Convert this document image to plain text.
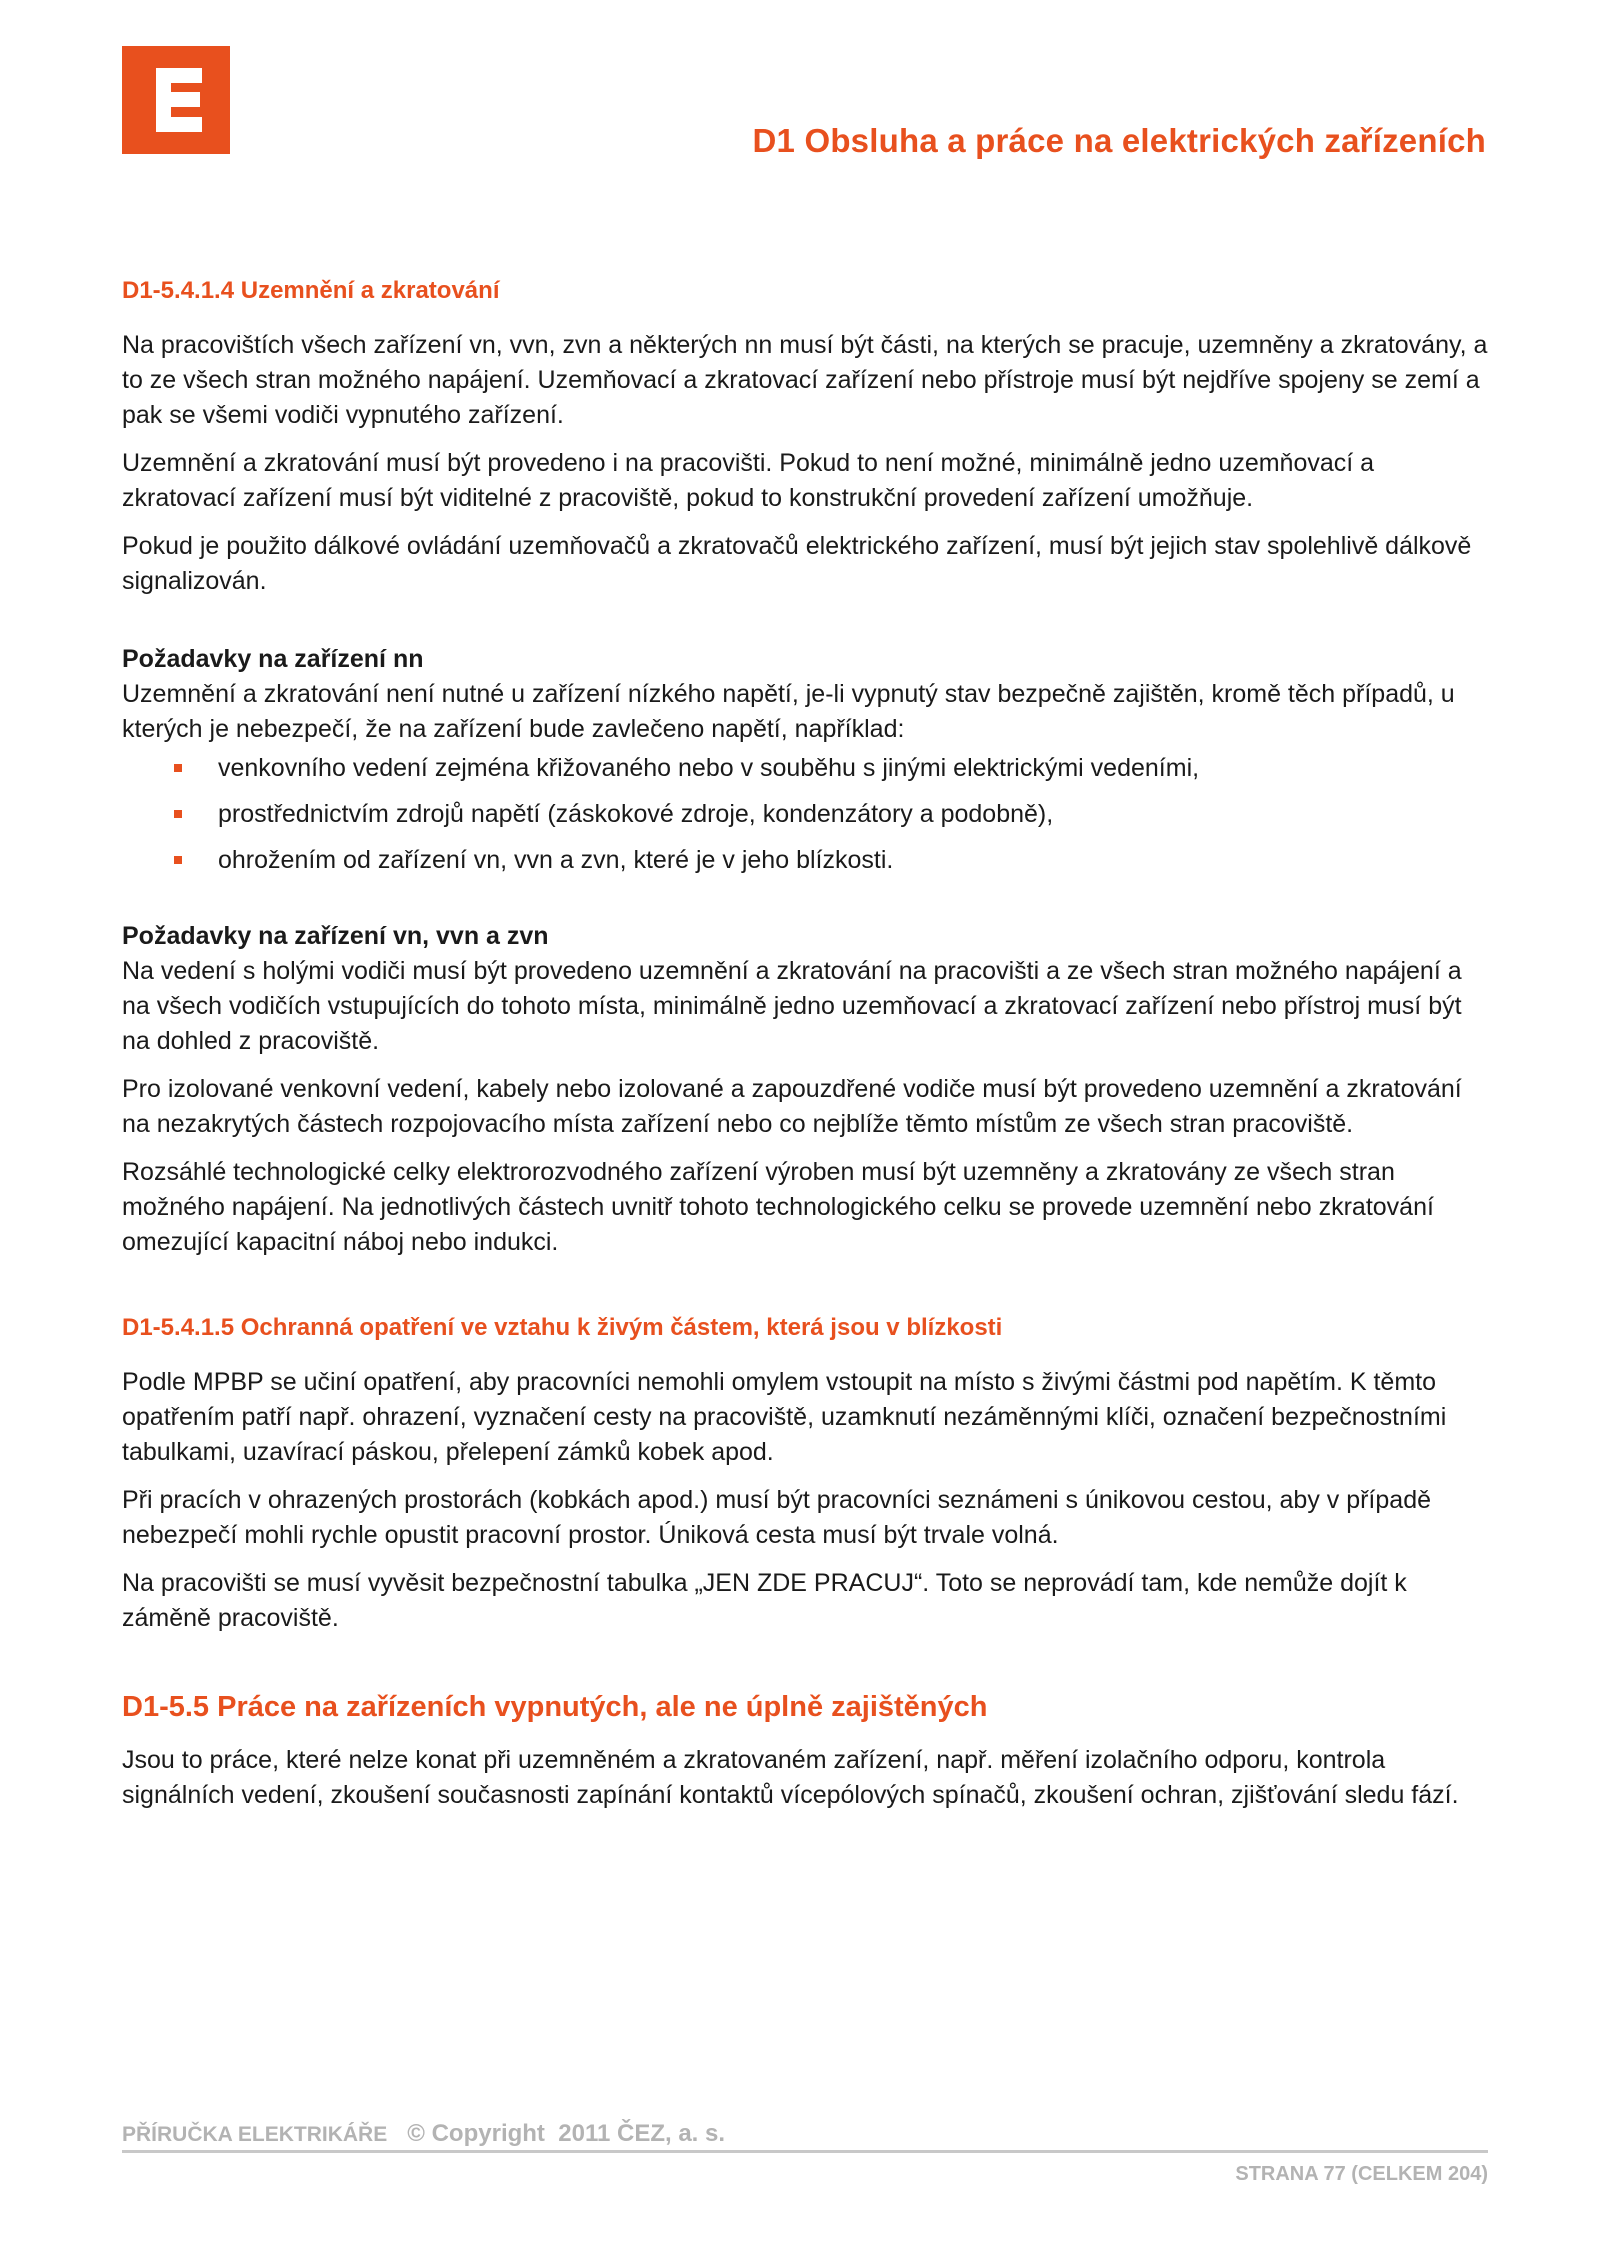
D1 Obsluha a práce na elektrických zařízeních
D1-5.4.1.4 Uzemnění a zkratování

Na pracovištích všech zařízení vn, vvn, zvn a některých nn musí být části, na kterých se pracuje, uzemněny a zkratovány, a to ze všech stran možného napájení. Uzemňovací a zkratovací zařízení nebo přístroje musí být nejdříve spojeny se zemí a pak se všemi vodiči vypnutého zařízení.

Uzemnění a zkratování musí být provedeno i na pracovišti. Pokud to není možné, minimálně jedno uzemňovací a zkratovací zařízení musí být viditelné z pracoviště, pokud to konstrukční provedení zařízení umožňuje.

Pokud je použito dálkové ovládání uzemňovačů a zkratovačů elektrického zařízení, musí být jejich stav spolehlivě dálkově signalizován.

Požadavky na zařízení nn

Uzemnění a zkratování není nutné u zařízení nízkého napětí, je-li vypnutý stav bezpečně zajištěn, kromě těch případů, u kterých je nebezpečí, že na zařízení bude zavlečeno napětí, například:

venkovního vedení zejména křižovaného nebo v souběhu s jinými elektrickými vedeními,
prostřednictvím zdrojů napětí (záskokové zdroje, kondenzátory a podobně),
ohrožením od zařízení vn, vvn a zvn, které je v jeho blízkosti.
Požadavky na zařízení vn, vvn a zvn

Na vedení s holými vodiči musí být provedeno uzemnění a zkratování na pracovišti a ze všech stran možného napájení a na všech vodičích vstupujících do tohoto místa, minimálně jedno uzemňovací a zkratovací zařízení nebo přístroj musí být na dohled z pracoviště.

Pro izolované venkovní vedení, kabely nebo izolované a zapouzdřené vodiče musí být provedeno uzemnění a zkratování na nezakrytých částech rozpojovacího místa zařízení nebo co nejblíže těmto místům ze všech stran pracoviště.

Rozsáhlé technologické celky elektrorozvodného zařízení výroben musí být uzemněny a zkratovány ze všech stran možného napájení. Na jednotlivých částech uvnitř tohoto technologického celku se provede uzemnění nebo zkratování omezující kapacitní náboj nebo indukci.

D1-5.4.1.5 Ochranná opatření ve vztahu k živým částem, která jsou v blízkosti

Podle MPBP se učiní opatření, aby pracovníci nemohli omylem vstoupit na místo s živými částmi pod napětím. K těmto opatřením patří např. ohrazení, vyznačení cesty na pracoviště, uzamknutí nezáměnnými klíči, označení bezpečnostními tabulkami, uzavírací páskou, přelepení zámků kobek apod.

Při pracích v ohrazených prostorách (kobkách apod.) musí být pracovníci seznámeni s únikovou cestou, aby v případě nebezpečí mohli rychle opustit pracovní prostor. Úniková cesta musí být trvale volná.

Na pracovišti se musí vyvěsit bezpečnostní tabulka „JEN ZDE PRACUJ“. Toto se neprovádí tam, kde nemůže dojít k záměně pracoviště.

D1-5.5 Práce na zařízeních vypnutých, ale ne úplně zajištěných

Jsou to práce, které nelze konat při uzemněném a zkratovaném zařízení, např. měření izolačního odporu, kontrola signálních vedení, zkoušení současnosti zapínání kontaktů vícepólových spínačů, zkoušení ochran, zjišťování sledu fází.

PŘÍRUČKA ELEKTRIKÁŘE © Copyright  2011 ČEZ, a. s.
STRANA 77 (CELKEM 204)
